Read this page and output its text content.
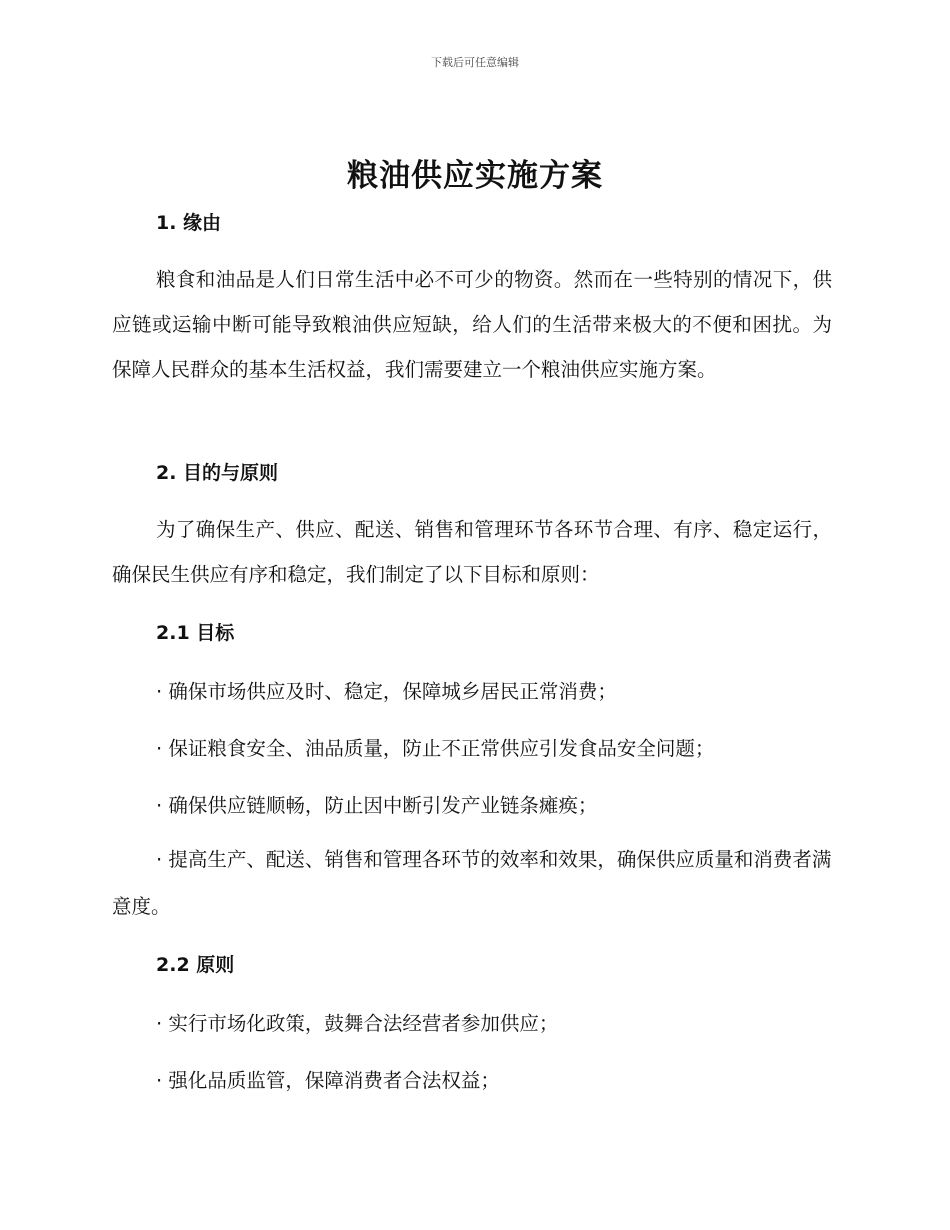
下载后可任意编辑
粮油供应实施方案
1. 缘由

粮食和油品是人们日常生活中必不可少的物资。然而在一些特别的情况下，供应链或运输中断可能导致粮油供应短缺，给人们的生活带来极大的不便和困扰。为保障人民群众的基本生活权益，我们需要建立一个粮油供应实施方案。

2. 目的与原则

为了确保生产、供应、配送、销售和管理环节各环节合理、有序、稳定运行，确保民生供应有序和稳定，我们制定了以下目标和原则：

2.1 目标

· 确保市场供应及时、稳定，保障城乡居民正常消费；

· 保证粮食安全、油品质量，防止不正常供应引发食品安全问题；

· 确保供应链顺畅，防止因中断引发产业链条瘫痪；

· 提高生产、配送、销售和管理各环节的效率和效果，确保供应质量和消费者满意度。

2.2 原则

· 实行市场化政策，鼓舞合法经营者参加供应；

· 强化品质监管，保障消费者合法权益；
